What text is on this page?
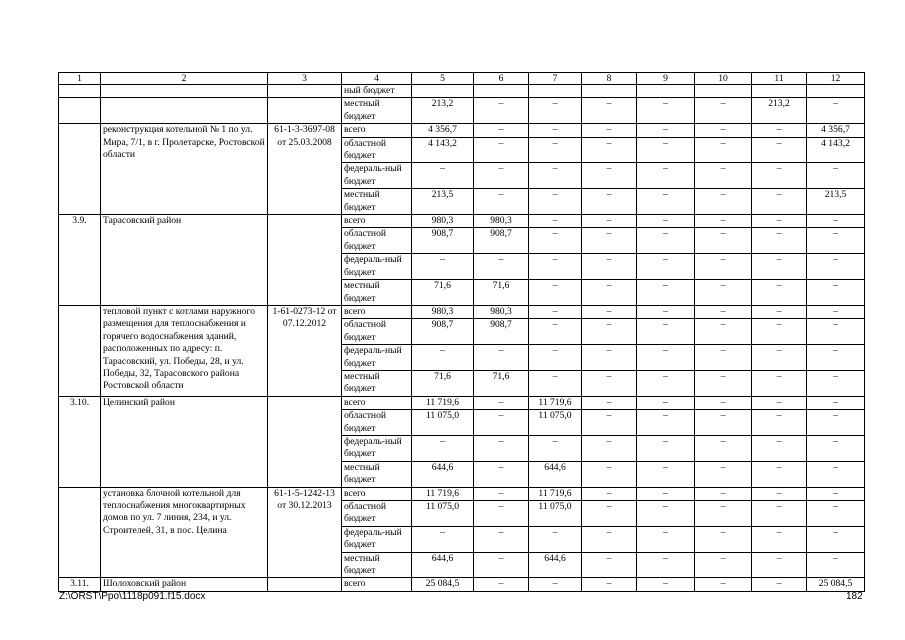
1	2	3	4	5	6	7	8	9	10	11	12
			ный бюджет								
			местный бюджет	213,2	–	–	–	–	–	213,2	–
	реконструкция котельной № 1 по ул. Мира, 7/1, в г. Пролетарске, Ростовской области	61-1-3-3697-08 от 25.03.2008	всего	4 356,7	–	–	–	–	–	–	4 356,7
			областной бюджет	4 143,2	–	–	–	–	–	–	4 143,2
			федераль-ный бюджет	–	–	–	–	–	–	–	–
			местный бюджет	213,5	–	–	–	–	–	–	213,5
3.9.	Тарасовский район		всего	980,3	980,3	–	–	–	–	–	–
			областной бюджет	908,7	908,7	–	–	–	–	–	–
			федераль-ный бюджет	–	–	–	–	–	–	–	–
			местный бюджет	71,6	71,6	–	–	–	–	–	–
	тепловой пункт с котлами наружного размещения для теплоснабжения и горячего водоснабжения зданий, расположенных по адресу: п. Тарасовский, ул. Победы, 28, и ул. Победы, 32, Тарасовского района Ростовской области	1-61-0273-12 от 07.12.2012	всего	980,3	980,3	–	–	–	–	–	–
			областной бюджет	908,7	908,7	–	–	–	–	–	–
			федераль-ный бюджет	–	–	–	–	–	–	–	–
			местный бюджет	71,6	71,6	–	–	–	–	–	–
3.10.	Целинский район		всего	11 719,6	–	11 719,6	–	–	–	–	–
			областной бюджет	11 075,0	–	11 075,0	–	–	–	–	–
			федераль-ный бюджет	–	–	–	–	–	–	–	–
			местный бюджет	644,6	–	644,6	–	–	–	–	–
	установка блочной котельной для теплоснабжения многоквартирных домов по ул. 7 линия, 234, и ул. Строителей, 31, в пос. Целина	61-1-5-1242-13 от 30.12.2013	всего	11 719,6	–	11 719,6	–	–	–	–	–
			областной бюджет	11 075,0	–	11 075,0	–	–	–	–	–
			федераль-ный бюджет	–	–	–	–	–	–	–	–
			местный бюджет	644,6	–	644,6	–	–	–	–	–
3.11.	Шолоховский район		всего	25 084,5	–	–	–	–	–	–	25 084,5
Z:\ORST\Ppo\1118p091.f15.docx	182
